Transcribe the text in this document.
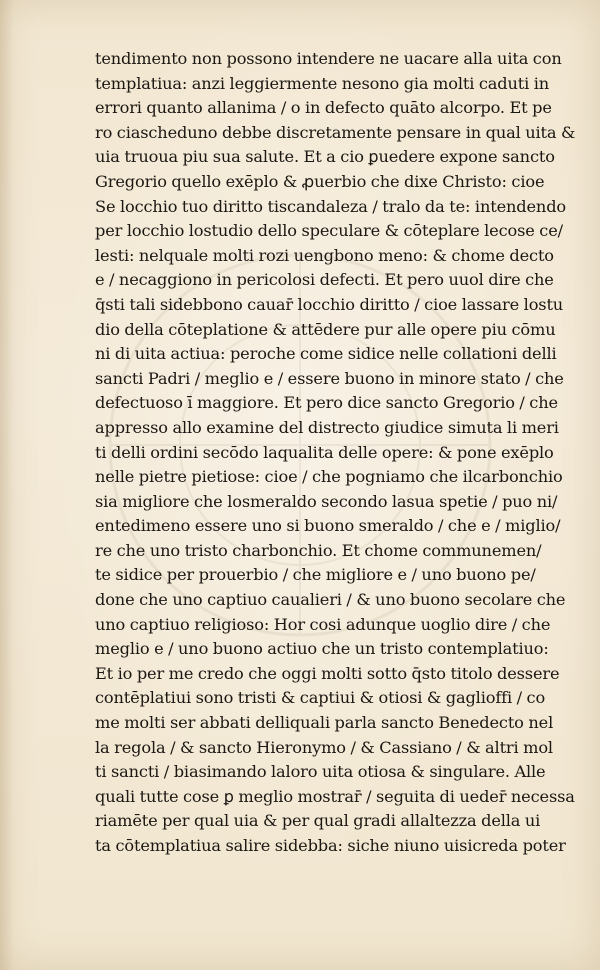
tendimento non possono intendere ne uacare alla uita con
templatiua: anzi leggiermente nesono gia molti caduti in
errori quanto allanima / o in defecto quāto alcorpo. Et pe
ro ciascheduno debbe discretamente pensare in qual uita &
uia truoua piu sua salute. Et a cio ꝑuedere expone sancto
Gregorio quello exēplo & ꝓuerbio che dixe Christo: cioe
Se locchio tuo diritto tiscandaleza / tralo da te: intendendo
per locchio lostudio dello speculare & cōteplare lecose ce/
lesti: nelquale molti rozi uengbono meno: & chome decto
e / necaggiono in pericolosi defecti. Et pero uuol dire che
q̄sti tali sidebbono cauar̄ locchio diritto / cioe lassare lostu
dio della cōteplatione & attēdere pur alle opere piu cōmu
ni di uita actiua: peroche come sidice nelle collationi delli
sancti Padri / meglio e / essere buono in minore stato / che
defectuoso ī maggiore. Et pero dice sancto Gregorio / che
appresso allo examine del distrecto giudice simuta li meri
ti delli ordini secōdo laqualita delle opere: & pone exēplo
nelle pietre pietiose: cioe / che pogniamo che ilcarbonchio
sia migliore che losmeraldo secondo lasua spetie / puo ni/
entedimeno essere uno si buono smeraldo / che e / miglio/
re che uno tristo charbonchio. Et chome communemen/
te sidice per prouerbio / che migliore e / uno buono pe/
done che uno captiuo caualieri / & uno buono secolare che
uno captiuo religioso: Hor cosi adunque uoglio dire / che
meglio e / uno buono actiuo che un tristo contemplatiuo:
Et io per me credo che oggi molti sotto q̄sto titolo dessere
contēplatiui sono tristi & captiui & otiosi & gaglioffi / co
me molti ser abbati delliquali parla sancto Benedecto nel
la regola / & sancto Hieronymo / & Cassiano / & altri mol
ti sancti / biasimando laloro uita otiosa & singulare. Alle
quali tutte cose ꝑ meglio mostrar̄ / seguita di ueder̄ necessa
riamēte per qual uia & per qual gradi allaltezza della ui
ta cōtemplatiua salire sidebba: siche niuno uisicreda poter
